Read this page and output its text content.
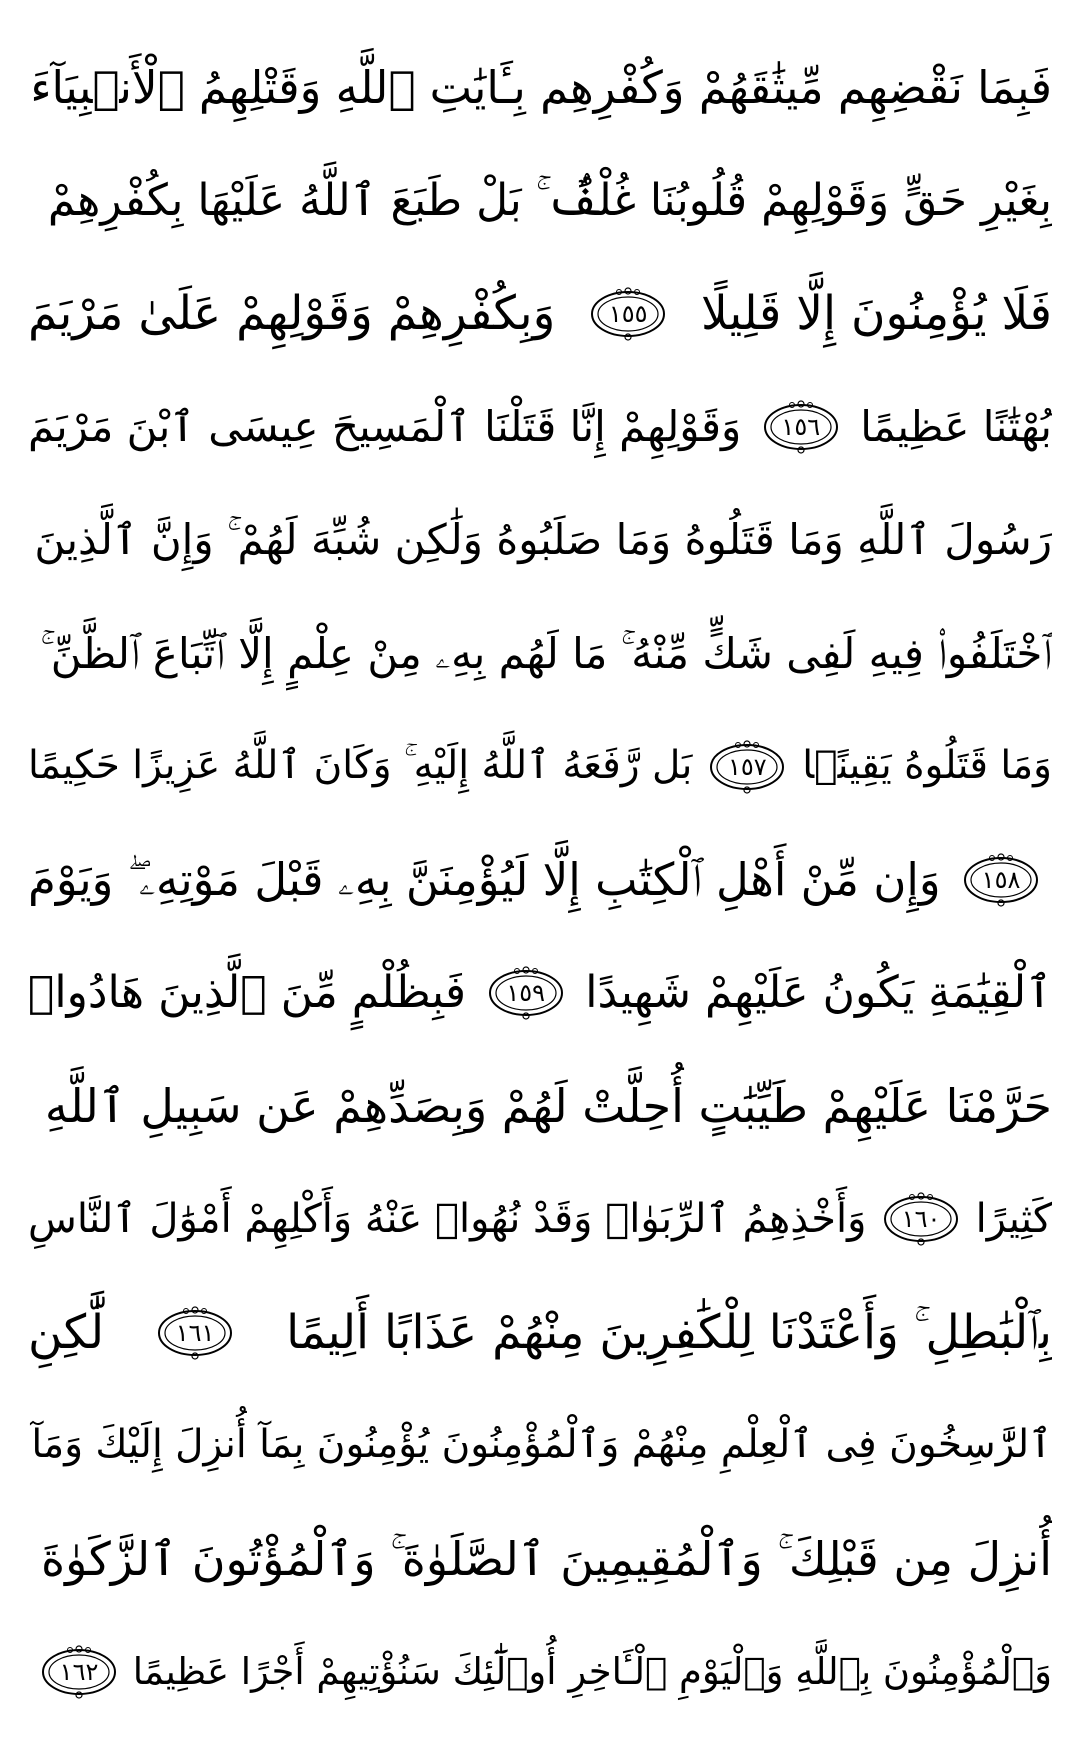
فَبِمَا نَقْضِهِم مِّيثَٰقَهُمْ وَكُفْرِهِم بِـَٔايَٰتِ ٱللَّهِ وَقَتْلِهِمُ ٱلْأَنۢبِيَآءَ
بِغَيْرِ حَقٍّ وَقَوْلِهِمْ قُلُوبُنَا غُلْفٌۢ ۚ بَلْ طَبَعَ ٱللَّهُ عَلَيْهَا بِكُفْرِهِمْ
فَلَا يُؤْمِنُونَ إِلَّا قَلِيلًا
١٥٥
وَبِكُفْرِهِمْ وَقَوْلِهِمْ عَلَىٰ مَرْيَمَ
بُهْتَٰنًا عَظِيمًا
١٥٦
وَقَوْلِهِمْ إِنَّا قَتَلْنَا ٱلْمَسِيحَ عِيسَى ٱبْنَ مَرْيَمَ
رَسُولَ ٱللَّهِ وَمَا قَتَلُوهُ وَمَا صَلَبُوهُ وَلَٰكِن شُبِّهَ لَهُمْ ۚ وَإِنَّ ٱلَّذِينَ
ٱخْتَلَفُوا۟ فِيهِ لَفِى شَكٍّ مِّنْهُ ۚ مَا لَهُم بِهِۦ مِنْ عِلْمٍ إِلَّا ٱتِّبَاعَ ٱلظَّنِّ ۚ
وَمَا قَتَلُوهُ يَقِينًۢا
١٥٧
بَل رَّفَعَهُ ٱللَّهُ إِلَيْهِ ۚ وَكَانَ ٱللَّهُ عَزِيزًا حَكِيمًا
١٥٨
وَإِن مِّنْ أَهْلِ ٱلْكِتَٰبِ إِلَّا لَيُؤْمِنَنَّ بِهِۦ قَبْلَ مَوْتِهِۦ ۖ وَيَوْمَ
ٱلْقِيَٰمَةِ يَكُونُ عَلَيْهِمْ شَهِيدًا
١٥٩
فَبِظُلْمٍ مِّنَ ٱلَّذِينَ هَادُوا۟
حَرَّمْنَا عَلَيْهِمْ طَيِّبَٰتٍ أُحِلَّتْ لَهُمْ وَبِصَدِّهِمْ عَن سَبِيلِ ٱللَّهِ
كَثِيرًا
١٦٠
وَأَخْذِهِمُ ٱلرِّبَوٰا۟ وَقَدْ نُهُوا۟ عَنْهُ وَأَكْلِهِمْ أَمْوَٰلَ ٱلنَّاسِ
بِٱلْبَٰطِلِ ۚ وَأَعْتَدْنَا لِلْكَٰفِرِينَ مِنْهُمْ عَذَابًا أَلِيمًا
١٦١
لَّٰكِنِ
ٱلرَّٰسِخُونَ فِى ٱلْعِلْمِ مِنْهُمْ وَٱلْمُؤْمِنُونَ يُؤْمِنُونَ بِمَآ أُنزِلَ إِلَيْكَ وَمَآ
أُنزِلَ مِن قَبْلِكَ ۚ وَٱلْمُقِيمِينَ ٱلصَّلَوٰةَ ۚ وَٱلْمُؤْتُونَ ٱلزَّكَوٰةَ
وَٱلْمُؤْمِنُونَ بِٱللَّهِ وَٱلْيَوْمِ ٱلْـَٔاخِرِ أُو۟لَٰٓئِكَ سَنُؤْتِيهِمْ أَجْرًا عَظِيمًا
١٦٢
